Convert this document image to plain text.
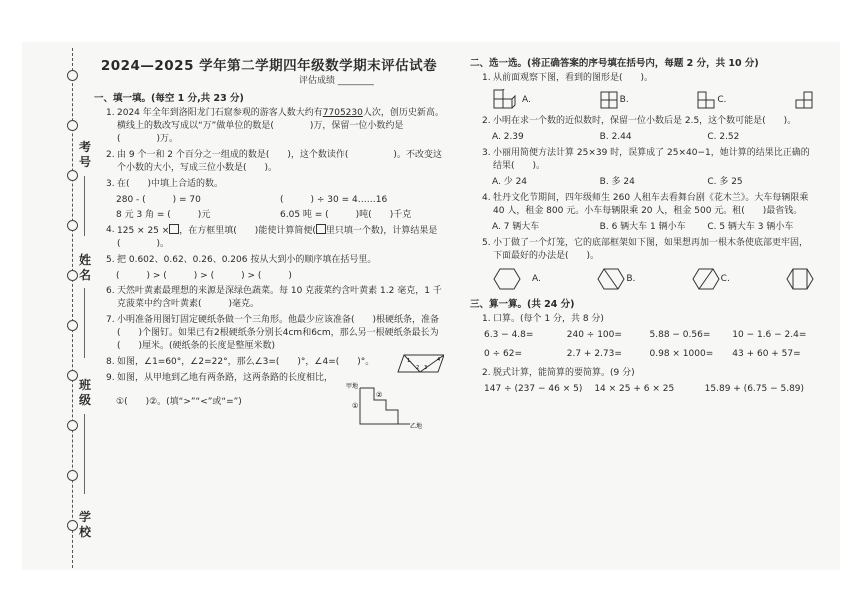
考号
姓名
班级
学校
2024—2025 学年第二学期四年级数学期末评估试卷
评估成绩 ________
一、填一填。(每空 1 分,共 23 分)
1. 2024 年全年到洛阳龙门石窟参观的游客人数大约有7705230人次，创历史新高。横线上的数改写成以“万”做单位的数是(　　　　)万，保留一位小数约是(　　　　)万。
2. 由 9 个一和 2 个百分之一组成的数是(　　)，这个数读作(　　　　　)。不改变这个小数的大小，写成三位小数是(　　)。
3. 在(　　)中填上合适的数。
280 - (　　　) = 70	(　　　) ÷ 30 = 4……16
8 元 3 角 = (　　　)元	6.05 吨 = (　　　)吨(　　)千克
4. 125 × 25 × ，在方框里填(　　)能使计算简便( 里只填一个数)，计算结果是(　　　　)。
5. 把 0.602、0.62、0.26、0.206 按从大到小的顺序填在括号里。
(　　　) > (　　　) > (　　　) > (　　　)
6. 天然叶黄素最理想的来源是深绿色蔬菜。每 10 克菠菜约含叶黄素 1.2 毫克，1 千克菠菜中约含叶黄素(　　　)毫克。
7. 小明准备用图钉固定硬纸条做一个三角形。他最少应该准备(　　)根硬纸条，准备(　　)个图钉。如果已有2根硬纸条分别长4cm和6cm，那么另一根硬纸条最长为(　　)厘米。(硬纸条的长度是整厘米数)
8. 如图，∠1=60°，∠2=22°，那么∠3=(　　)°，∠4=(　　)°。	1
2 3
4
9. 如图，从甲地到乙地有两条路，这两条路的长度相比，
①(　　)②。(填“>”“<”或“=”)
甲地
乙地
①
②
二、选一选。(将正确答案的序号填在括号内，每题 2 分，共 10 分)
1. 从前面观察下图，看到的图形是(　　)。
A.	B.	C.
2. 小明在求一个数的近似数时，保留一位小数后是 2.5，这个数可能是(　　)。
A. 2.39	B. 2.44	C. 2.52
3. 小丽用简便方法计算 25×39 时，误算成了 25×40−1，她计算的结果比正确的结果(　　)。
A. 少 24	B. 多 24	C. 多 25
4. 牡丹文化节期间，四年级师生 260 人租车去看舞台剧《花木兰》。大车每辆限乘 40 人，租金 800 元。小车每辆限乘 20 人，租金 500 元。租(　　)最省钱。
A. 7 辆大车	B. 6 辆大车 1 辆小车	C. 5 辆大车 3 辆小车
5. 小丁做了一个灯笼，它的底部框架如下图，如果想再加一根木条使底部更牢固，下面最好的办法是(　　)。
A.	B.	C.
三、算一算。(共 24 分)
1. 口算。(每个 1 分，共 8 分)
6.3 − 4.8=	240 ÷ 100=	5.88 − 0.56=	10 − 1.6 − 2.4=
0 ÷ 62=	2.7 + 2.73=	0.98 × 1000=	43 + 60 + 57=
2. 脱式计算，能简算的要简算。(9 分)
147 ÷ (237 − 46 × 5)	14 × 25 + 6 × 25	15.89 + (6.75 − 5.89)
